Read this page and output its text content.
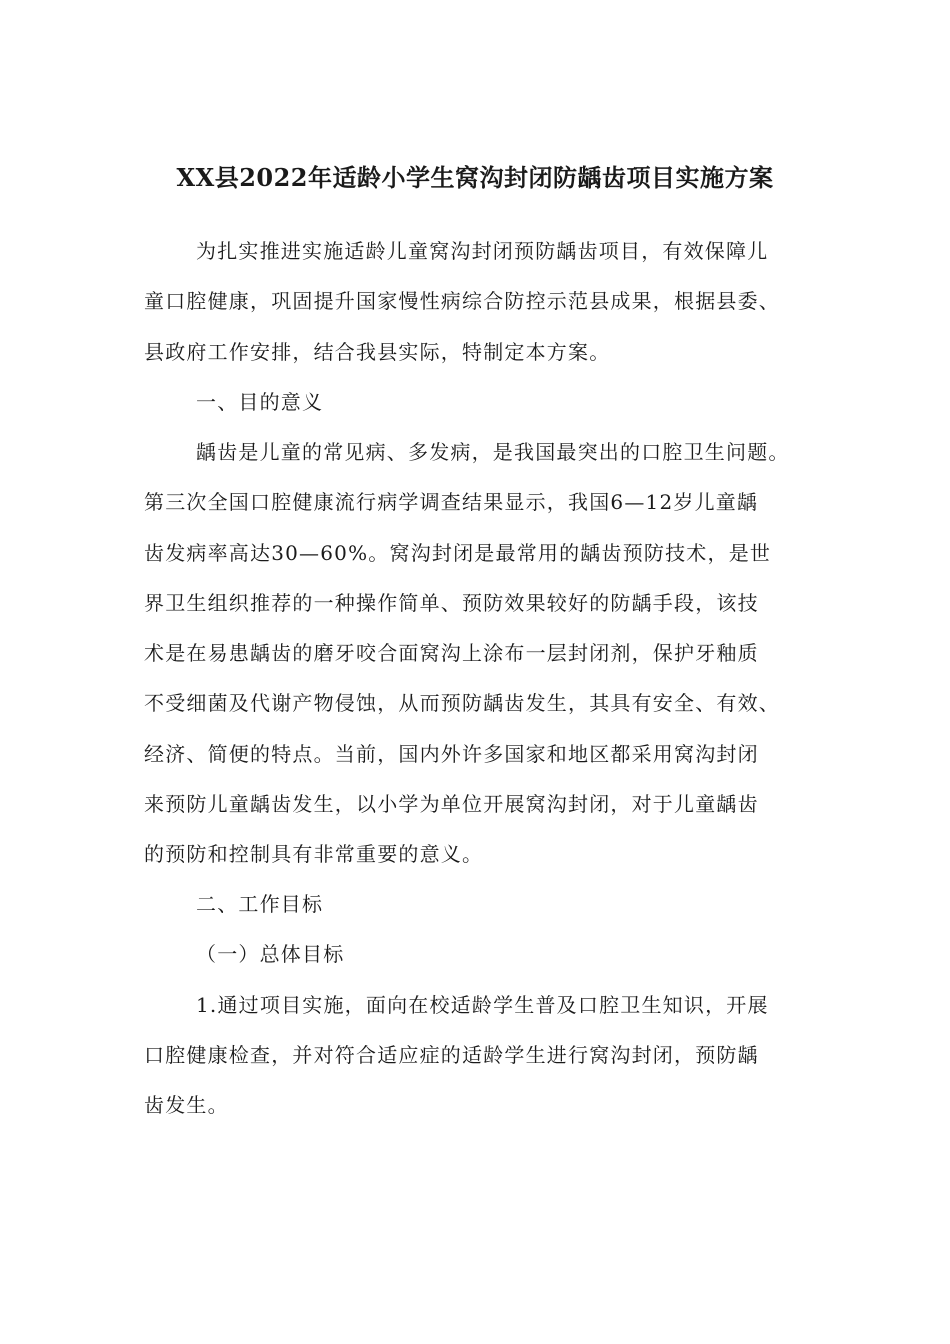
XX县2022年适龄小学生窝沟封闭防龋齿项目实施方案
为扎实推进实施适龄儿童窝沟封闭预防龋齿项目，有效保障儿
童口腔健康，巩固提升国家慢性病综合防控示范县成果，根据县委、
县政府工作安排，结合我县实际，特制定本方案。
一、目的意义
龋齿是儿童的常见病、多发病，是我国最突出的口腔卫生问题。
第三次全国口腔健康流行病学调查结果显示，我国6—12岁儿童龋
齿发病率高达30—60%。窝沟封闭是最常用的龋齿预防技术，是世
界卫生组织推荐的一种操作简单、预防效果较好的防龋手段，该技
术是在易患龋齿的磨牙咬合面窝沟上涂布一层封闭剂，保护牙釉质
不受细菌及代谢产物侵蚀，从而预防龋齿发生，其具有安全、有效、
经济、简便的特点。当前，国内外许多国家和地区都采用窝沟封闭
来预防儿童龋齿发生，以小学为单位开展窝沟封闭，对于儿童龋齿
的预防和控制具有非常重要的意义。
二、工作目标
（一）总体目标
1.通过项目实施，面向在校适龄学生普及口腔卫生知识，开展
口腔健康检查，并对符合适应症的适龄学生进行窝沟封闭，预防龋
齿发生。
